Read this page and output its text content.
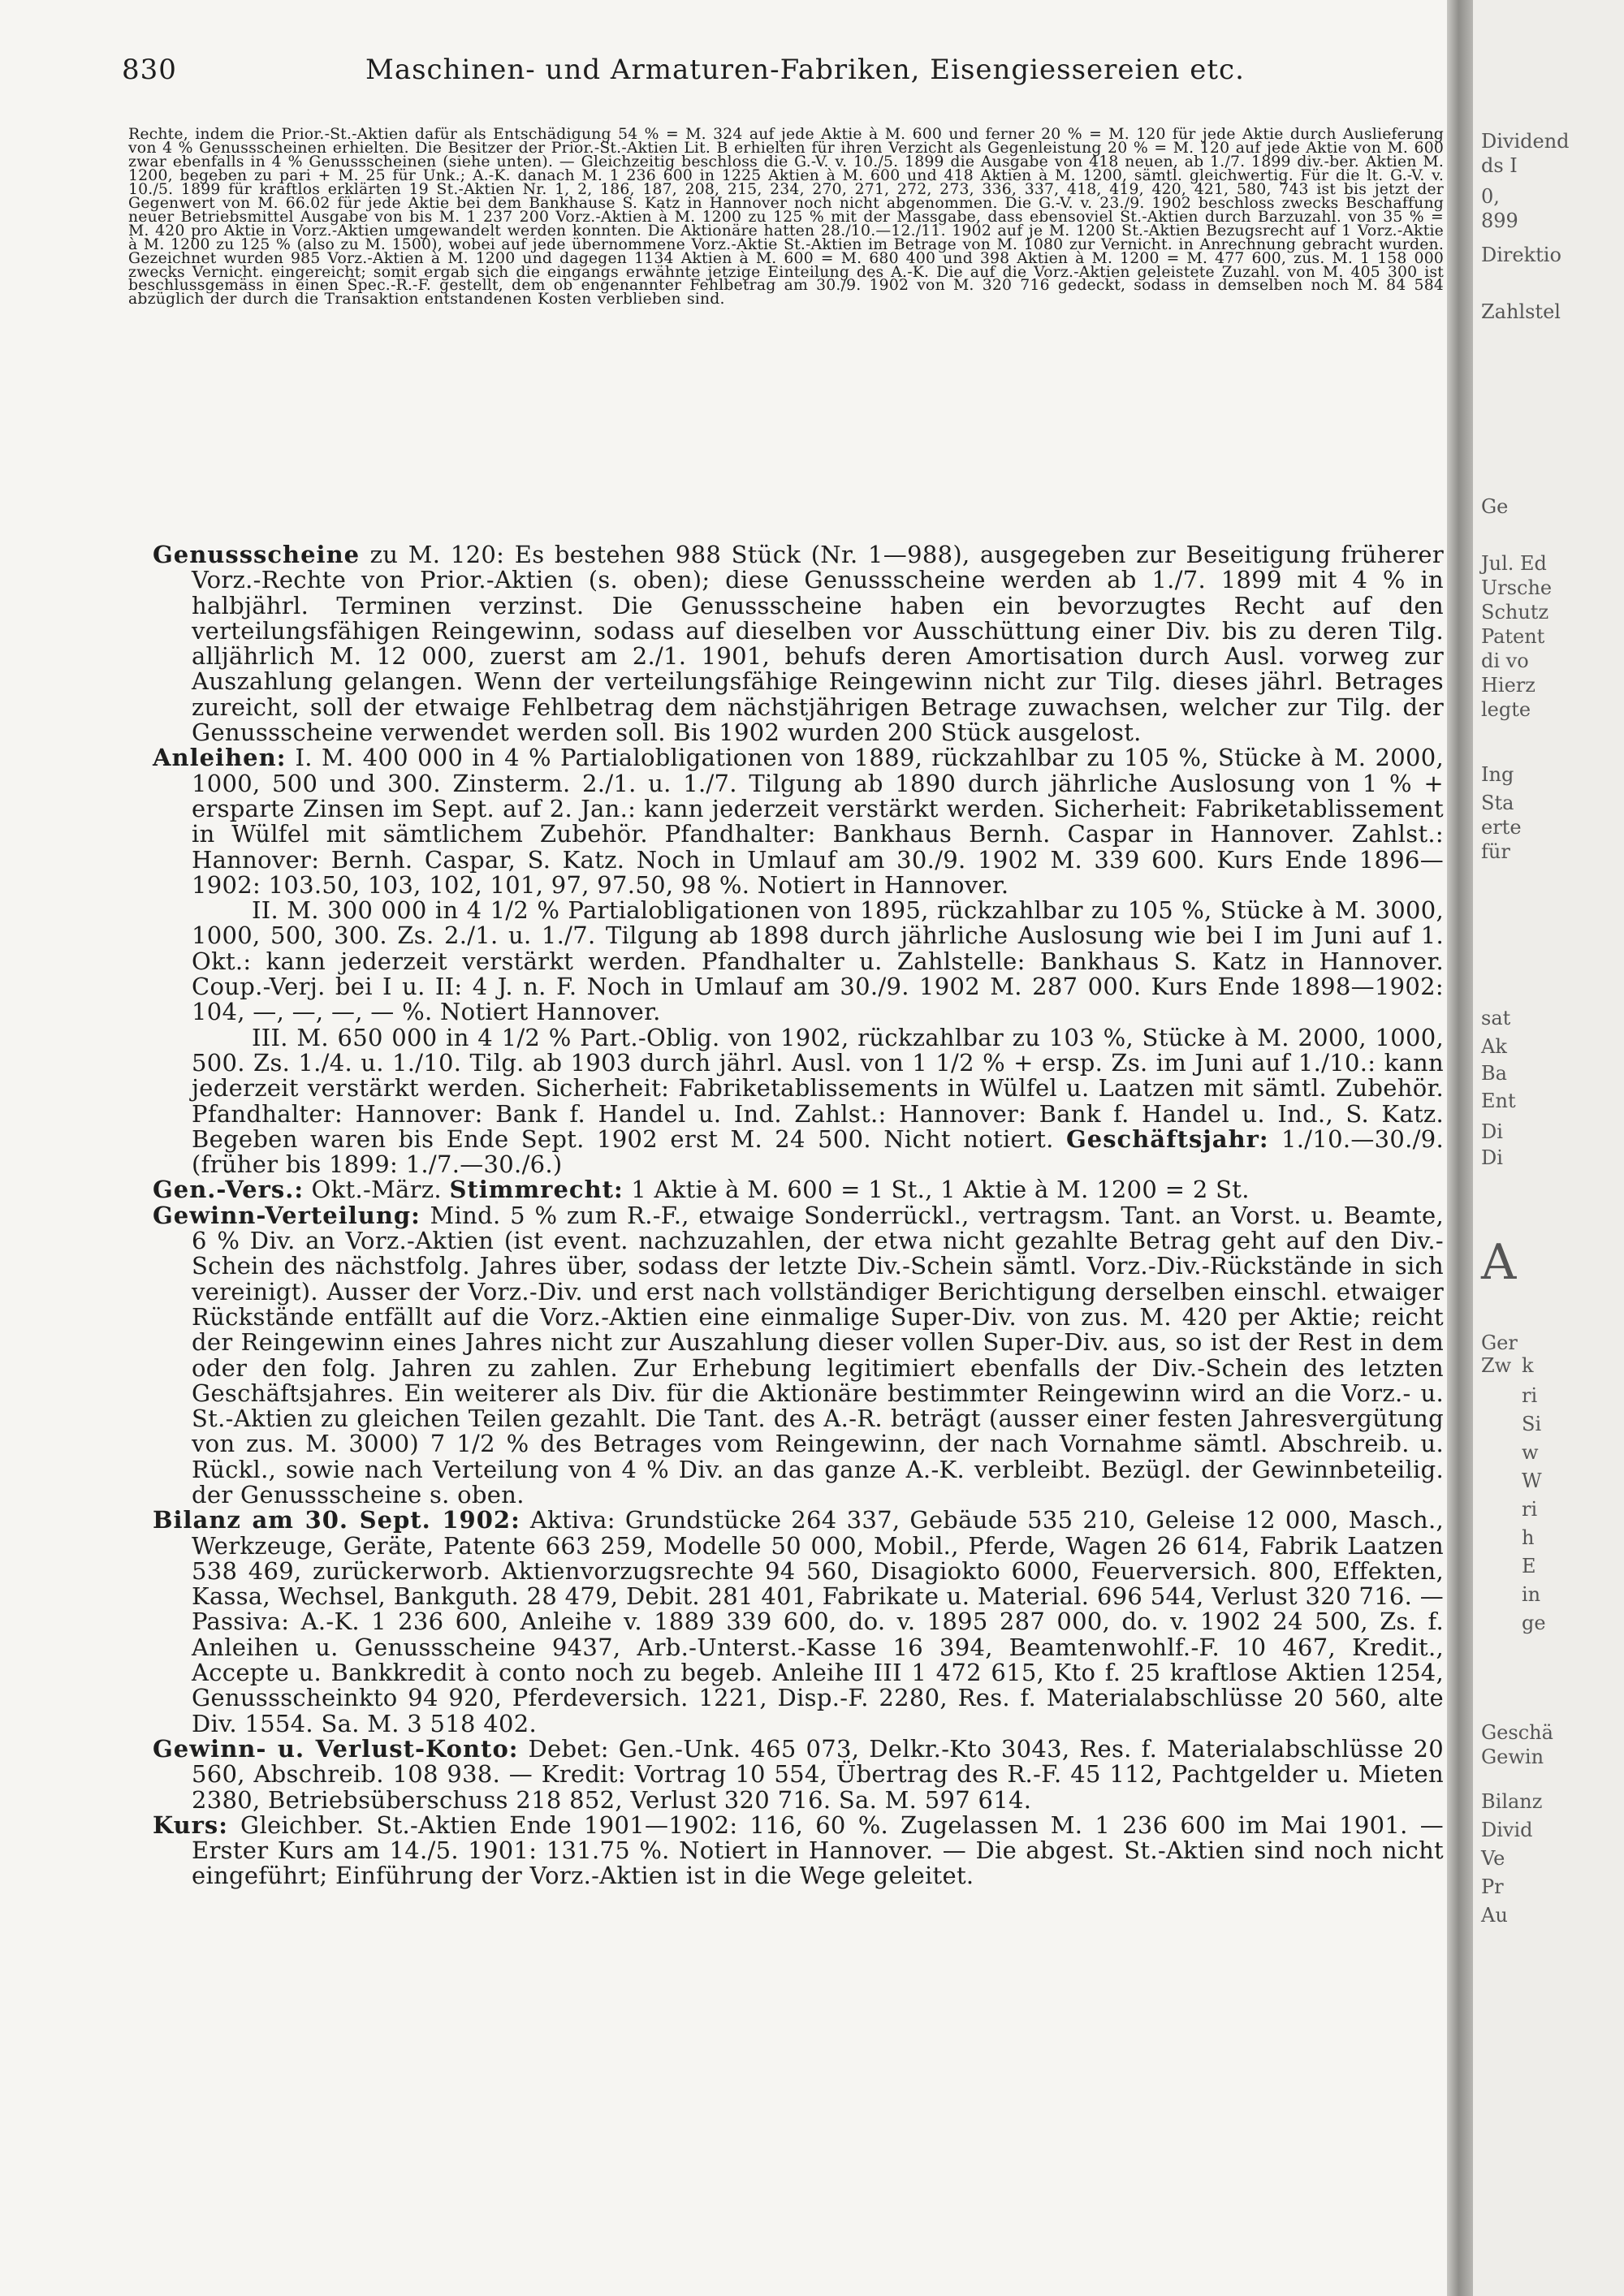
830	Maschinen- und Armaturen-Fabriken, Eisengiessereien etc.

Rechte, indem die Prior.-St.-Aktien dafür als Entschädigung 54 % = M. 324 auf jede Aktie à M. 600 und ferner 20 % = M. 120 für jede Aktie durch Auslieferung von 4 % Genussscheinen erhielten. Die Besitzer der Prior.-St.-Aktien Lit. B erhielten für ihren Verzicht als Gegenleistung 20 % = M. 120 auf jede Aktie von M. 600 zwar ebenfalls in 4 % Genussscheinen (siehe unten). — Gleichzeitig beschloss die G.-V. v. 10./5. 1899 die Ausgabe von 418 neuen, ab 1./7. 1899 div.-ber. Aktien M. 1200, begeben zu pari + M. 25 für Unk.; A.-K. danach M. 1 236 600 in 1225 Aktien à M. 600 und 418 Aktien à M. 1200, sämtl. gleichwertig. Für die lt. G.-V. v. 10./5. 1899 für kraftlos erklärten 19 St.-Aktien Nr. 1, 2, 186, 187, 208, 215, 234, 270, 271, 272, 273, 336, 337, 418, 419, 420, 421, 580, 743 ist bis jetzt der Gegenwert von M. 66.02 für jede Aktie bei dem Bankhause S. Katz in Hannover noch nicht abgenommen. Die G.-V. v. 23./9. 1902 beschloss zwecks Beschaffung neuer Betriebsmittel Ausgabe von bis M. 1 237 200 Vorz.-Aktien à M. 1200 zu 125 % mit der Massgabe, dass ebensoviel St.-Aktien durch Barzuzahl. von 35 % = M. 420 pro Aktie in Vorz.-Aktien umgewandelt werden konnten. Die Aktionäre hatten 28./10.—12./11. 1902 auf je M. 1200 St.-Aktien Bezugsrecht auf 1 Vorz.-Aktie à M. 1200 zu 125 % (also zu M. 1500), wobei auf jede übernommene Vorz.-Aktie St.-Aktien im Betrage von M. 1080 zur Vernicht. in Anrechnung gebracht wurden. Gezeichnet wurden 985 Vorz.-Aktien à M. 1200 und dagegen 1134 Aktien à M. 600 = M. 680 400 und 398 Aktien à M. 1200 = M. 477 600, zus. M. 1 158 000 zwecks Vernicht. eingereicht; somit ergab sich die eingangs erwähnte jetzige Einteilung des A.-K. Die auf die Vorz.-Aktien geleistete Zuzahl. von M. 405 300 ist beschlussgemäss in einen Spec.-R.-F. gestellt, dem ob engenannter Fehlbetrag am 30./9. 1902 von M. 320 716 gedeckt, sodass in demselben noch M. 84 584 abzüglich der durch die Transaktion entstandenen Kosten verblieben sind.

Genussscheine zu M. 120: Es bestehen 988 Stück (Nr. 1—988), ausgegeben zur Beseitigung früherer Vorz.-Rechte von Prior.-Aktien (s. oben); diese Genussscheine werden ab 1./7. 1899 mit 4 % in halbjährl. Terminen verzinst. Die Genussscheine haben ein bevorzugtes Recht auf den verteilungsfähigen Reingewinn, sodass auf dieselben vor Ausschüttung einer Div. bis zu deren Tilg. alljährlich M. 12 000, zuerst am 2./1. 1901, behufs deren Amortisation durch Ausl. vorweg zur Auszahlung gelangen. Wenn der verteilungsfähige Reingewinn nicht zur Tilg. dieses jährl. Betrages zureicht, soll der etwaige Fehlbetrag dem nächstjährigen Betrage zuwachsen, welcher zur Tilg. der Genussscheine verwendet werden soll. Bis 1902 wurden 200 Stück ausgelost.

Anleihen: I. M. 400 000 in 4 % Partialobligationen von 1889, rückzahlbar zu 105 %, Stücke à M. 2000, 1000, 500 und 300. Zinsterm. 2./1. u. 1./7. Tilgung ab 1890 durch jährliche Auslosung von 1 % + ersparte Zinsen im Sept. auf 2. Jan.: kann jederzeit verstärkt werden. Sicherheit: Fabriketablissement in Wülfel mit sämtlichem Zubehör. Pfandhalter: Bankhaus Bernh. Caspar in Hannover. Zahlst.: Hannover: Bernh. Caspar, S. Katz. Noch in Umlauf am 30./9. 1902 M. 339 600. Kurs Ende 1896—1902: 103.50, 103, 102, 101, 97, 97.50, 98 %. Notiert in Hannover.

II. M. 300 000 in 4 1/2 % Partialobligationen von 1895, rückzahlbar zu 105 %, Stücke à M. 3000, 1000, 500, 300. Zs. 2./1. u. 1./7. Tilgung ab 1898 durch jährliche Auslosung wie bei I im Juni auf 1. Okt.: kann jederzeit verstärkt werden. Pfandhalter u. Zahlstelle: Bankhaus S. Katz in Hannover. Coup.-Verj. bei I u. II: 4 J. n. F. Noch in Umlauf am 30./9. 1902 M. 287 000. Kurs Ende 1898—1902: 104, —, —, —, — %. Notiert Hannover.

III. M. 650 000 in 4 1/2 % Part.-Oblig. von 1902, rückzahlbar zu 103 %, Stücke à M. 2000, 1000, 500. Zs. 1./4. u. 1./10. Tilg. ab 1903 durch jährl. Ausl. von 1 1/2 % + ersp. Zs. im Juni auf 1./10.: kann jederzeit verstärkt werden. Sicherheit: Fabriketablissements in Wülfel u. Laatzen mit sämtl. Zubehör. Pfandhalter: Hannover: Bank f. Handel u. Ind. Zahlst.: Hannover: Bank f. Handel u. Ind., S. Katz. Begeben waren bis Ende Sept. 1902 erst M. 24 500. Nicht notiert. Geschäftsjahr: 1./10.—30./9. (früher bis 1899: 1./7.—30./6.)

Gen.-Vers.: Okt.-März. Stimmrecht: 1 Aktie à M. 600 = 1 St., 1 Aktie à M. 1200 = 2 St.

Gewinn-Verteilung: Mind. 5 % zum R.-F., etwaige Sonderrückl., vertragsm. Tant. an Vorst. u. Beamte, 6 % Div. an Vorz.-Aktien (ist event. nachzuzahlen, der etwa nicht gezahlte Betrag geht auf den Div.-Schein des nächstfolg. Jahres über, sodass der letzte Div.-Schein sämtl. Vorz.-Div.-Rückstände in sich vereinigt). Ausser der Vorz.-Div. und erst nach vollständiger Berichtigung derselben einschl. etwaiger Rückstände entfällt auf die Vorz.-Aktien eine einmalige Super-Div. von zus. M. 420 per Aktie; reicht der Reingewinn eines Jahres nicht zur Auszahlung dieser vollen Super-Div. aus, so ist der Rest in dem oder den folg. Jahren zu zahlen. Zur Erhebung legitimiert ebenfalls der Div.-Schein des letzten Geschäftsjahres. Ein weiterer als Div. für die Aktionäre bestimmter Reingewinn wird an die Vorz.- u. St.-Aktien zu gleichen Teilen gezahlt. Die Tant. des A.-R. beträgt (ausser einer festen Jahresvergütung von zus. M. 3000) 7 1/2 % des Betrages vom Reingewinn, der nach Vornahme sämtl. Abschreib. u. Rückl., sowie nach Verteilung von 4 % Div. an das ganze A.-K. verbleibt. Bezügl. der Gewinnbeteilig. der Genussscheine s. oben.

Bilanz am 30. Sept. 1902: Aktiva: Grundstücke 264 337, Gebäude 535 210, Geleise 12 000, Masch., Werkzeuge, Geräte, Patente 663 259, Modelle 50 000, Mobil., Pferde, Wagen 26 614, Fabrik Laatzen 538 469, zurückerworb. Aktienvorzugsrechte 94 560, Disagiokto 6000, Feuerversich. 800, Effekten, Kassa, Wechsel, Bankguth. 28 479, Debit. 281 401, Fabrikate u. Material. 696 544, Verlust 320 716. — Passiva: A.-K. 1 236 600, Anleihe v. 1889 339 600, do. v. 1895 287 000, do. v. 1902 24 500, Zs. f. Anleihen u. Genussscheine 9437, Arb.-Unterst.-Kasse 16 394, Beamtenwohlf.-F. 10 467, Kredit., Accepte u. Bankkredit à conto noch zu begeb. Anleihe III 1 472 615, Kto f. 25 kraftlose Aktien 1254, Genussscheinkto 94 920, Pferdeversich. 1221, Disp.-F. 2280, Res. f. Materialabschlüsse 20 560, alte Div. 1554. Sa. M. 3 518 402.

Gewinn- u. Verlust-Konto: Debet: Gen.-Unk. 465 073, Delkr.-Kto 3043, Res. f. Materialabschlüsse 20 560, Abschreib. 108 938. — Kredit: Vortrag 10 554, Übertrag des R.-F. 45 112, Pachtgelder u. Mieten 2380, Betriebsüberschuss 218 852, Verlust 320 716. Sa. M. 597 614.

Kurs: Gleichber. St.-Aktien Ende 1901—1902: 116, 60 %. Zugelassen M. 1 236 600 im Mai 1901. — Erster Kurs am 14./5. 1901: 131.75 %. Notiert in Hannover. — Die abgest. St.-Aktien sind noch nicht eingeführt; Einführung der Vorz.-Aktien ist in die Wege geleitet.

Dividend
ds I
0,
899
Direktio
Zahlstel
Ge
Jul. Ed
Ursche
Schutz
Patent
di vo
Hierz
legte
Ing
Sta
erte
für
sat
Ak
Ba
Ent
Di
Di
A
Ger
Zw k
ri
Si
w
W
ri
h
E
in
ge
Geschä
Gewin
Bilanz
Divid
Ve
Pr
Au
